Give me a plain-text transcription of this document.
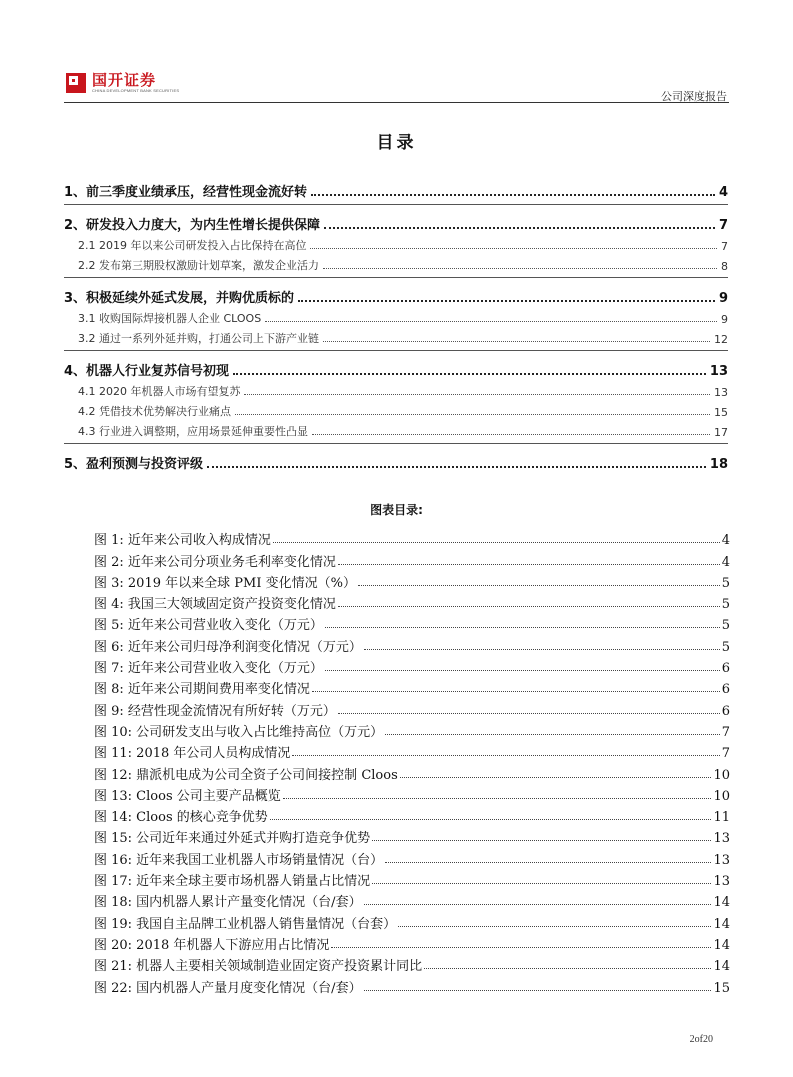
国开证券
CHINA DEVELOPMENT BANK SECURITIES	公司深度报告
目录
1、前三季度业绩承压，经营性现金流好转	4
2、研发投入力度大，为内生性增长提供保障	7
2.1 2019 年以来公司研发投入占比保持在高位	7
2.2 发布第三期股权激励计划草案，激发企业活力	8
3、积极延续外延式发展，并购优质标的	9
3.1 收购国际焊接机器人企业 CLOOS	9
3.2 通过一系列外延并购，打通公司上下游产业链	12
4、机器人行业复苏信号初现	13
4.1 2020 年机器人市场有望复苏	13
4.2 凭借技术优势解决行业痛点	15
4.3 行业进入调整期，应用场景延伸重要性凸显	17
5、盈利预测与投资评级	18
图表目录:
图 1: 近年来公司收入构成情况	4
图 2: 近年来公司分项业务毛利率变化情况	4
图 3: 2019 年以来全球 PMI 变化情况（%）	5
图 4: 我国三大领域固定资产投资变化情况	5
图 5: 近年来公司营业收入变化（万元）	5
图 6: 近年来公司归母净利润变化情况（万元）	5
图 7: 近年来公司营业收入变化（万元）	6
图 8: 近年来公司期间费用率变化情况	6
图 9: 经营性现金流情况有所好转（万元）	6
图 10: 公司研发支出与收入占比维持高位（万元）	7
图 11: 2018 年公司人员构成情况	7
图 12: 鼎派机电成为公司全资子公司间接控制 Cloos	10
图 13: Cloos 公司主要产品概览	10
图 14: Cloos 的核心竞争优势	11
图 15: 公司近年来通过外延式并购打造竞争优势	13
图 16: 近年来我国工业机器人市场销量情况（台）	13
图 17: 近年来全球主要市场机器人销量占比情况	13
图 18: 国内机器人累计产量变化情况（台/套）	14
图 19: 我国自主品牌工业机器人销售量情况（台套）	14
图 20: 2018 年机器人下游应用占比情况	14
图 21: 机器人主要相关领域制造业固定资产投资累计同比	14
图 22: 国内机器人产量月度变化情况（台/套）	15
2of20
